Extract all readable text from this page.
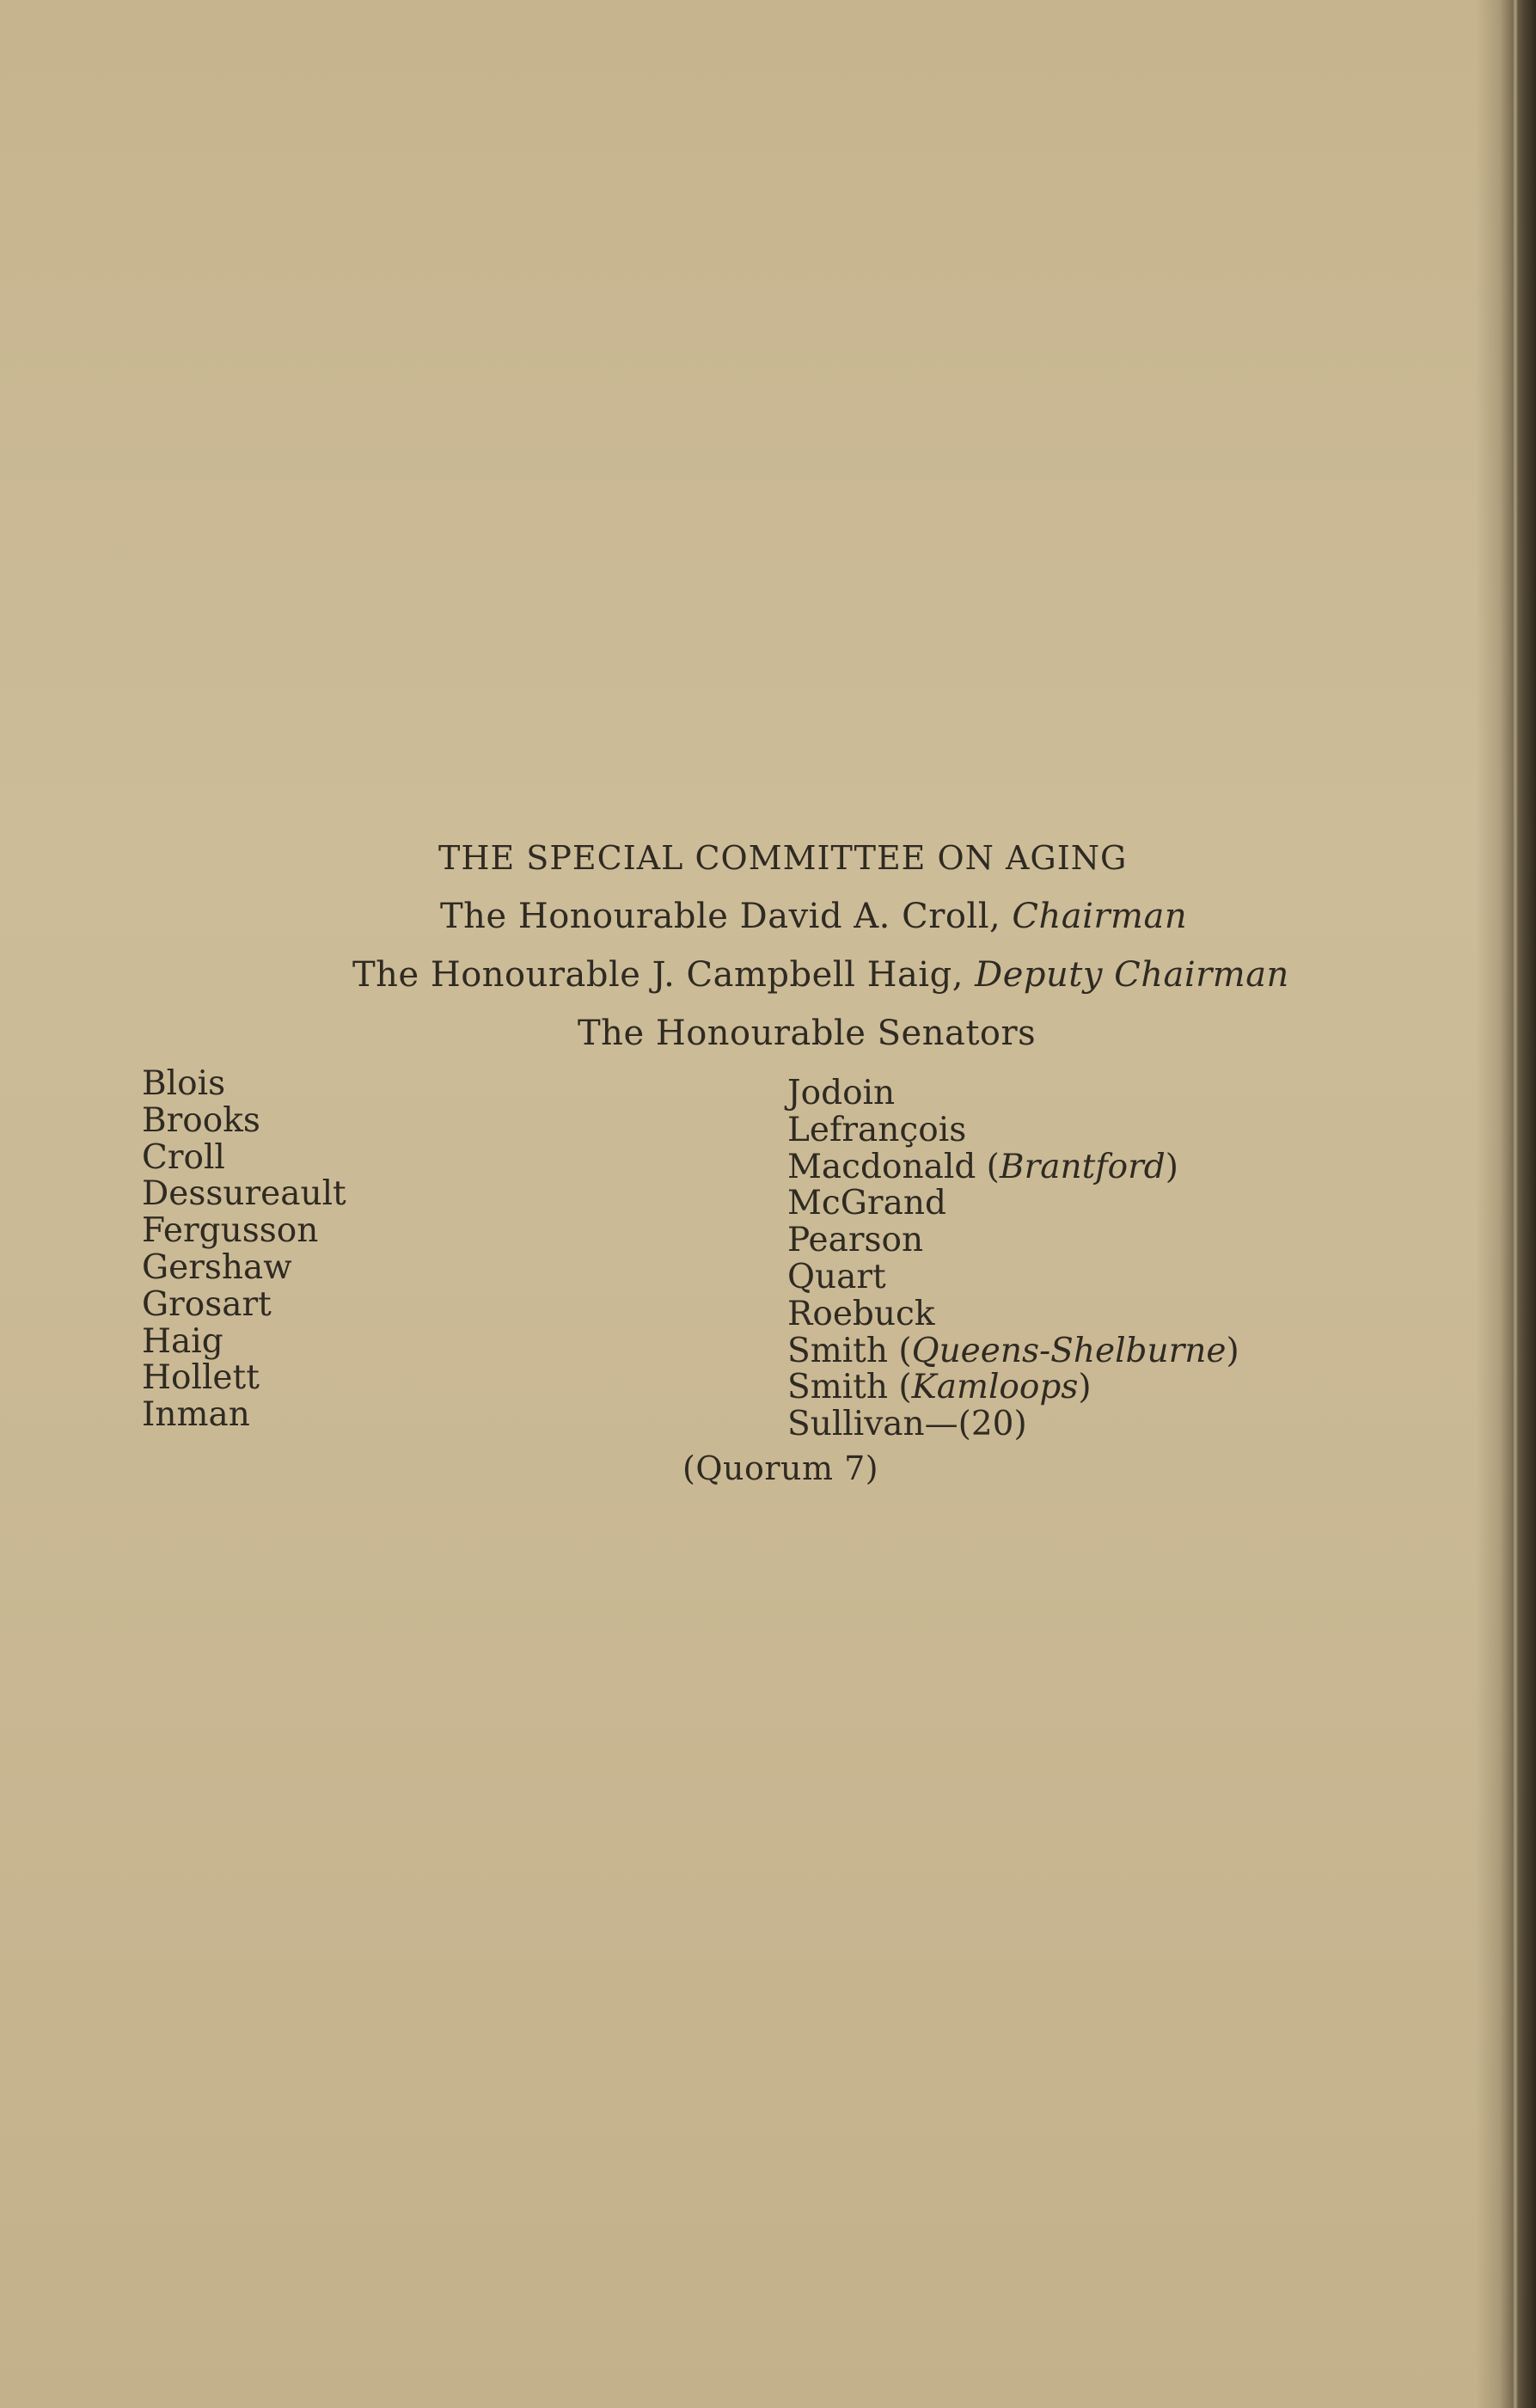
THE SPECIAL COMMITTEE ON AGING
The Honourable David A. Croll, Chairman
The Honourable J. Campbell Haig, Deputy Chairman
The Honourable Senators
Blois
Brooks
Croll
Dessureault
Fergusson
Gershaw
Grosart
Haig
Hollett
Inman
Jodoin
Lefrançois
Macdonald (Brantford)
McGrand
Pearson
Quart
Roebuck
Smith (Queens-Shelburne)
Smith (Kamloops)
Sullivan—(20)
(Quorum 7)
